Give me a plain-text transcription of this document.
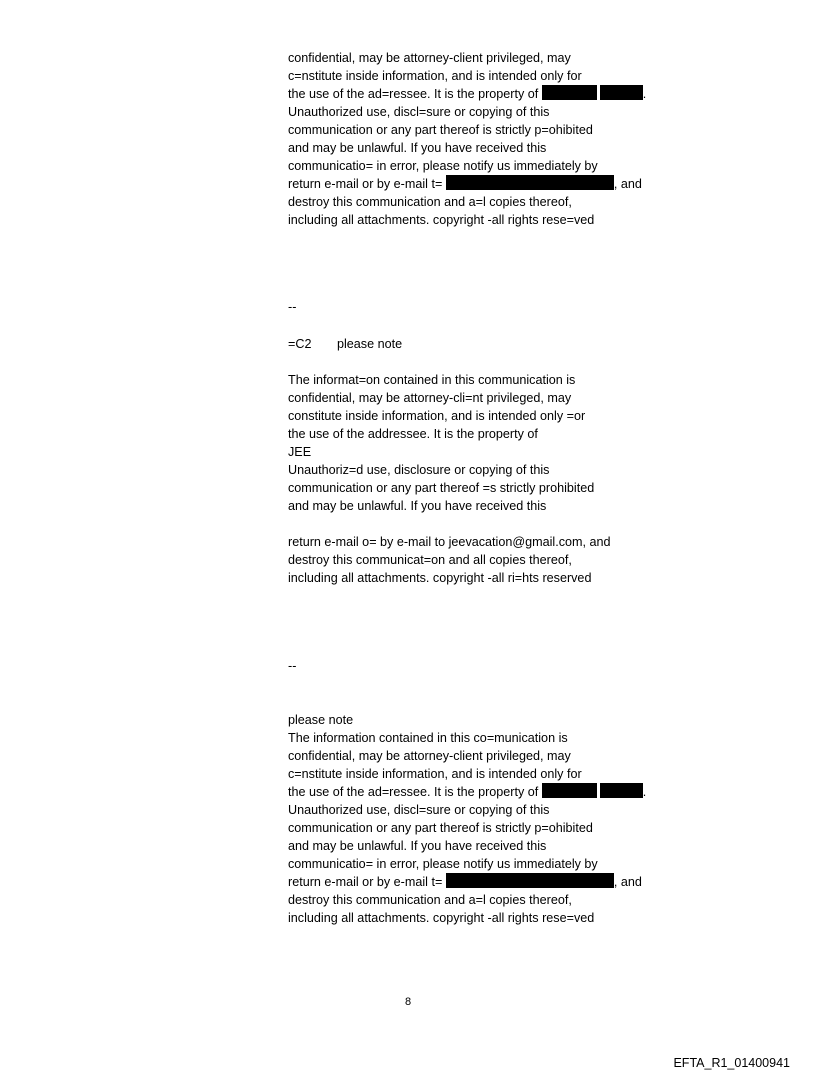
confidential, may be attorney-client privileged, may
c=nstitute inside information, and is intended only for
the use of the ad=ressee. It is the property of	.
Unauthorized use, discl=sure or copying of this
communication or any part thereof is strictly p=ohibited
and may be unlawful. If you have received this
communicatio= in error, please notify us immediately by
return e-mail or by e-mail t=	, and
destroy this communication and a=l copies thereof,
including all attachments. copyright -all rights rese=ved
--
=C2 please note
The informat=on contained in this communication is
confidential, may be attorney-cli=nt privileged, may
constitute inside information, and is intended only =or
the use of the addressee. It is the property of
JEE
Unauthoriz=d use, disclosure or copying of this
communication or any part thereof =s strictly prohibited
and may be unlawful. If you have received this
return e-mail o= by e-mail to jeevacation@gmail.com, and
destroy this communicat=on and all copies thereof,
including all attachments. copyright -all ri=hts reserved
--
please note
The information contained in this co=munication is
confidential, may be attorney-client privileged, may
c=nstitute inside information, and is intended only for
the use of the ad=ressee. It is the property of	.
Unauthorized use, discl=sure or copying of this
communication or any part thereof is strictly p=ohibited
and may be unlawful. If you have received this
communicatio= in error, please notify us immediately by
return e-mail or by e-mail t=	, and
destroy this communication and a=l copies thereof,
including all attachments. copyright -all rights rese=ved
8
EFTA_R1_01400941
